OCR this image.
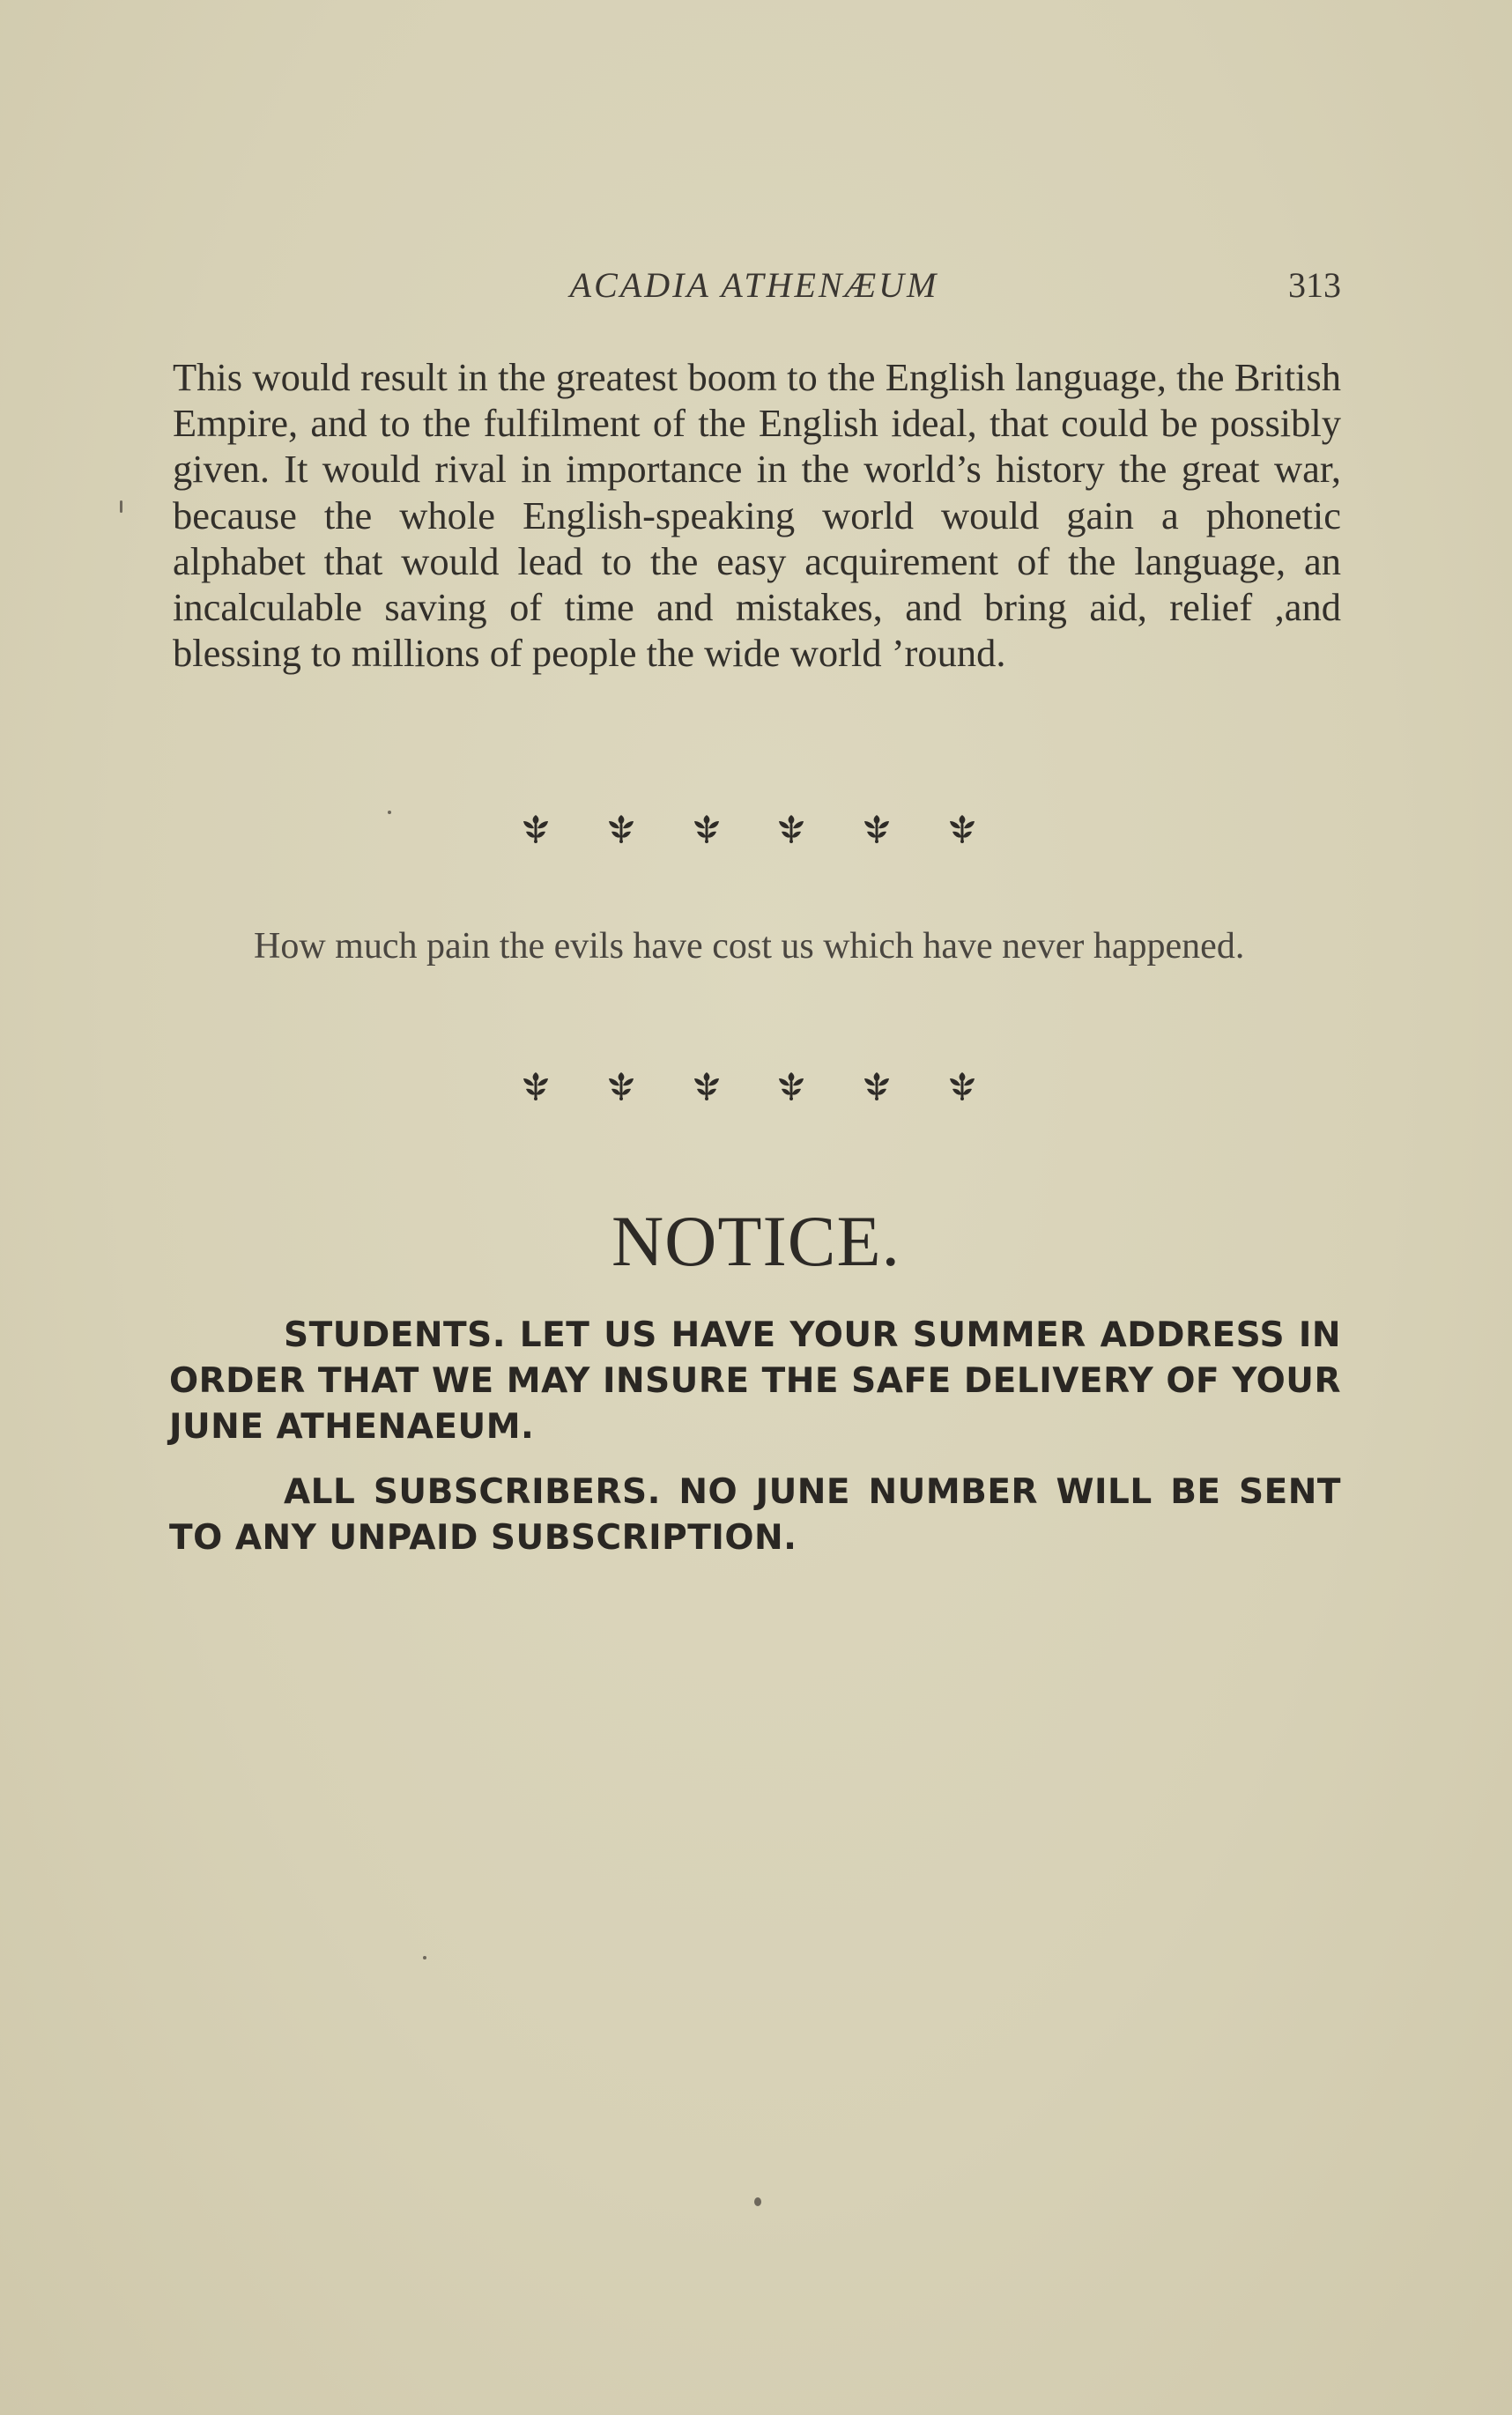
ACADIA ATHENÆUM	313
This would result in the greatest boom to the English language, the British Empire, and to the fulfilment of the English ideal, that could be possibly given. It would rival in importance in the world’s history the great war, because the whole English-speaking world would gain a phonetic alphabet that would lead to the easy acquirement of the language, an incalculable saving of time and mistakes, and bring aid, relief ,and blessing to millions of people the wide world ’round.
How much pain the evils have cost us which have never happened.
NOTICE.
STUDENTS. LET US HAVE YOUR SUMMER ADDRESS IN ORDER THAT WE MAY INSURE THE SAFE DELIVERY OF YOUR JUNE ATHENAEUM.
ALL SUBSCRIBERS. NO JUNE NUMBER WILL BE SENT TO ANY UNPAID SUBSCRIPTION.
